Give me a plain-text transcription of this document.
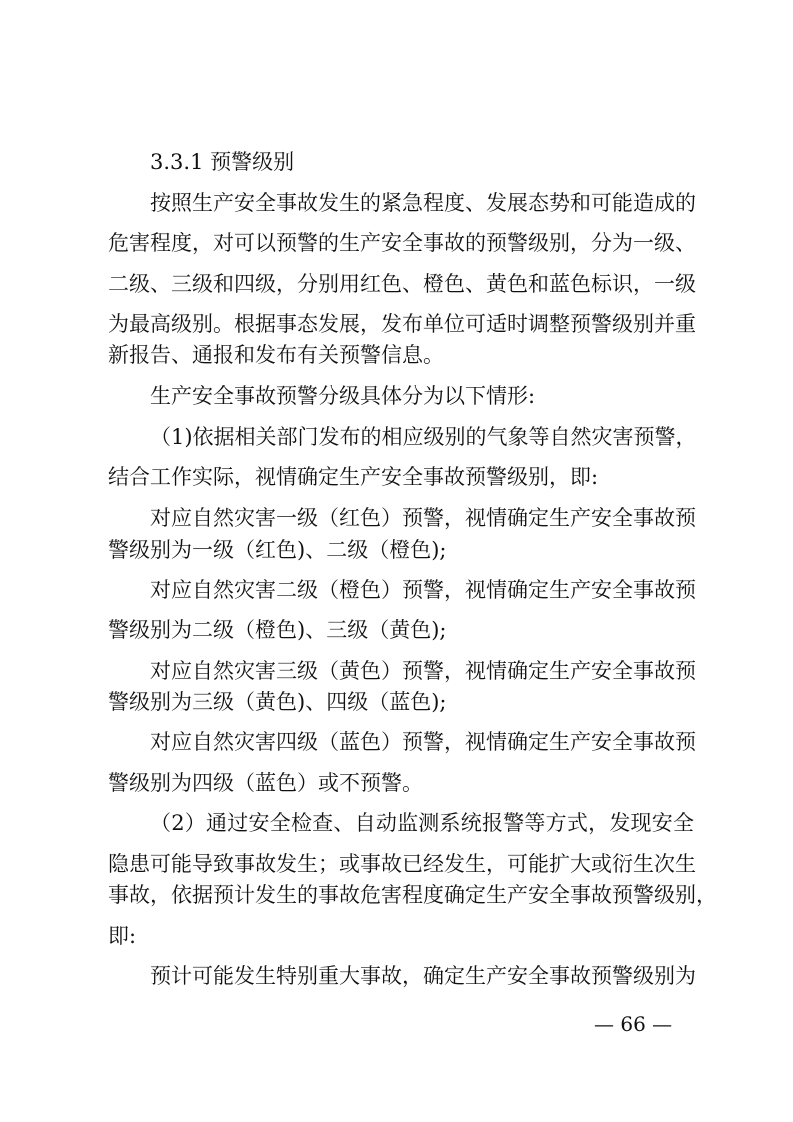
3.3.1 预警级别
按照生产安全事故发生的紧急程度、发展态势和可能造成的
危害程度，对可以预警的生产安全事故的预警级别，分为一级、
二级、三级和四级，分别用红色、橙色、黄色和蓝色标识，一级
为最高级别。根据事态发展，发布单位可适时调整预警级别并重
新报告、通报和发布有关预警信息。
生产安全事故预警分级具体分为以下情形:
（1)依据相关部门发布的相应级别的气象等自然灾害预警，
结合工作实际，视情确定生产安全事故预警级别，即:
对应自然灾害一级（红色）预警，视情确定生产安全事故预
警级别为一级（红色)、二级（橙色);
对应自然灾害二级（橙色）预警，视情确定生产安全事故预
警级别为二级（橙色)、三级（黄色);
对应自然灾害三级（黄色）预警，视情确定生产安全事故预
警级别为三级（黄色)、四级（蓝色);
对应自然灾害四级（蓝色）预警，视情确定生产安全事故预
警级别为四级（蓝色）或不预警。
（2）通过安全检查、自动监测系统报警等方式，发现安全
隐患可能导致事故发生；或事故已经发生，可能扩大或衍生次生
事故，依据预计发生的事故危害程度确定生产安全事故预警级别，
即:
预计可能发生特别重大事故，确定生产安全事故预警级别为
— 66 —
